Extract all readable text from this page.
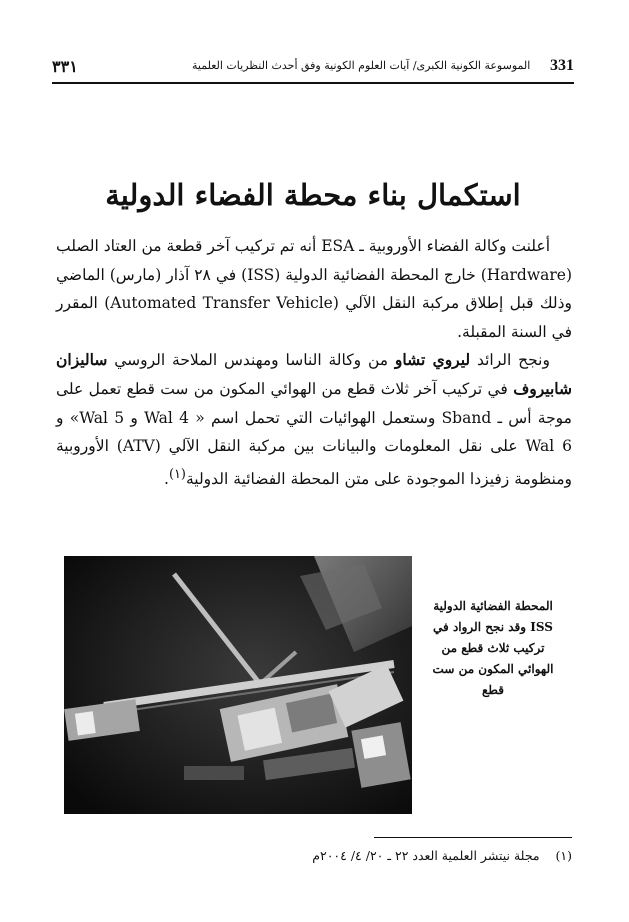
٣٣١	الموسوعة الكونية الكبرى/ آيات العلوم الكونية وفق أحدث النظريات العلمية 331
استكمال بناء محطة الفضاء الدولية

أعلنت وكالة الفضاء الأوروبية ـ ESA أنه تم تركيب آخر قطعة من العتاد الصلب (Hardware) خارج المحطة الفضائية الدولية (ISS) في ٢٨ آذار (مارس) الماضي وذلك قبل إطلاق مركبة النقل الآلي (Automated Transfer Vehicle) المقرر في السنة المقبلة.

ونجح الرائد ليروي تشاو من وكالة الناسا ومهندس الملاحة الروسي ساليزان شابيروف في تركيب آخر ثلاث قطع من الهوائي المكون من ست قطع تعمل على موجة أس ـ Sband وستعمل الهوائيات التي تحمل اسم « Wal 4 و Wal 5» و Wal 6 على نقل المعلومات والبيانات بين مركبة النقل الآلي (ATV) الأوروبية ومنظومة زفيزدا الموجودة على متن المحطة الفضائية الدولية$^{(١)}$.

المحطة الفضائية الدولية ISS وقد نجح الرواد في تركيب ثلاث قطع من الهوائي المكون من ست قطع
(١)    مجلة نيتشر العلمية العدد ٢٢ ـ ٢٠/ ٤/ ٢٠٠٤م
